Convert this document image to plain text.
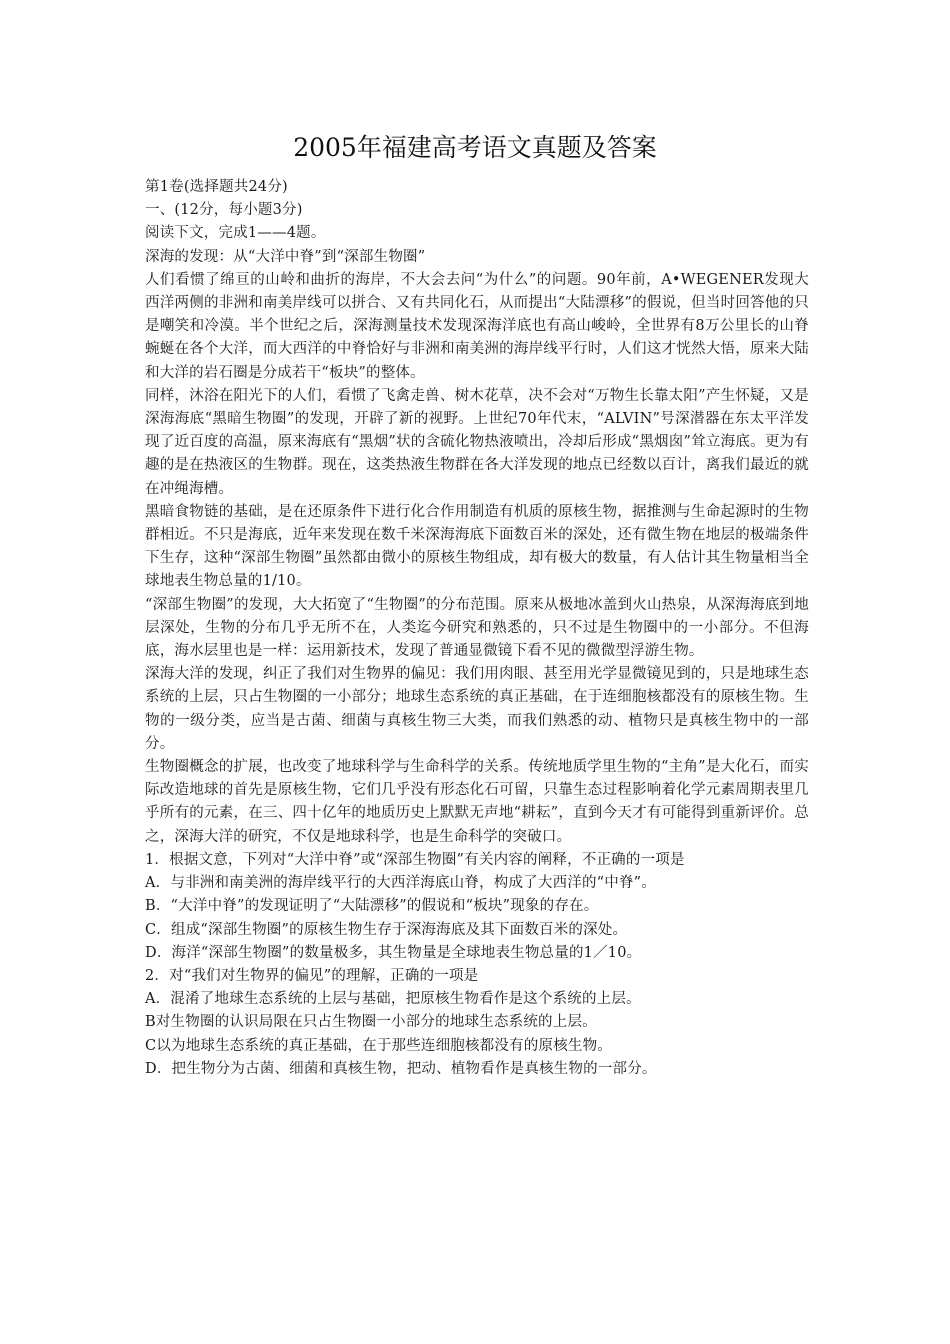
2005年福建高考语文真题及答案

第1卷(选择题共24分)

一、(12分，每小题3分)

阅读下文，完成1——4题。

深海的发现：从“大洋中脊”到“深部生物圈”

人们看惯了绵亘的山岭和曲折的海岸，不大会去问“为什么”的问题。90年前，A•WEGENER发现大西洋两侧的非洲和南美岸线可以拼合、又有共同化石，从而提出“大陆漂移”的假说，但当时回答他的只是嘲笑和冷漠。半个世纪之后，深海测量技术发现深海洋底也有高山峻岭，全世界有8万公里长的山脊蜿蜒在各个大洋，而大西洋的中脊恰好与非洲和南美洲的海岸线平行时，人们这才恍然大悟，原来大陆和大洋的岩石圈是分成若干“板块”的整体。

同样，沐浴在阳光下的人们，看惯了飞禽走兽、树木花草，决不会对“万物生长靠太阳”产生怀疑，又是深海海底“黑暗生物圈”的发现，开辟了新的视野。上世纪70年代末，“ALVIN”号深潜器在东太平洋发现了近百度的高温，原来海底有“黑烟”状的含硫化物热液喷出，冷却后形成“黑烟囱”耸立海底。更为有趣的是在热液区的生物群。现在，这类热液生物群在各大洋发现的地点已经数以百计，离我们最近的就在冲绳海槽。

黑暗食物链的基础，是在还原条件下进行化合作用制造有机质的原核生物，据推测与生命起源时的生物群相近。不只是海底，近年来发现在数千米深海海底下面数百米的深处，还有微生物在地层的极端条件下生存，这种“深部生物圈”虽然都由微小的原核生物组成，却有极大的数量，有人估计其生物量相当全球地表生物总量的1/10。

“深部生物圈”的发现，大大拓宽了“生物圈”的分布范围。原来从极地冰盖到火山热泉，从深海海底到地层深处，生物的分布几乎无所不在，人类迄今研究和熟悉的，只不过是生物圈中的一小部分。不但海底，海水层里也是一样：运用新技术，发现了普通显微镜下看不见的微微型浮游生物。

深海大洋的发现，纠正了我们对生物界的偏见：我们用肉眼、甚至用光学显微镜见到的，只是地球生态系统的上层，只占生物圈的一小部分；地球生态系统的真正基础，在于连细胞核都没有的原核生物。生物的一级分类，应当是古菌、细菌与真核生物三大类，而我们熟悉的动、植物只是真核生物中的一部分。

生物圈概念的扩展，也改变了地球科学与生命科学的关系。传统地质学里生物的“主角”是大化石，而实际改造地球的首先是原核生物，它们几乎没有形态化石可留，只靠生态过程影响着化学元素周期表里几乎所有的元素，在三、四十亿年的地质历史上默默无声地“耕耘”，直到今天才有可能得到重新评价。总之，深海大洋的研究，不仅是地球科学，也是生命科学的突破口。

1．根据文意，下列对“大洋中脊”或“深部生物圈”有关内容的阐释，不正确的一项是

A．与非洲和南美洲的海岸线平行的大西洋海底山脊，构成了大西洋的“中脊”。

B．“大洋中脊”的发现证明了“大陆漂移”的假说和“板块”现象的存在。

C．组成“深部生物圈”的原核生物生存于深海海底及其下面数百米的深处。

D．海洋“深部生物圈”的数量极多，其生物量是全球地表生物总量的1／10。

2．对“我们对生物界的偏见”的理解，正确的一项是

A．混淆了地球生态系统的上层与基础，把原核生物看作是这个系统的上层。

B对生物圈的认识局限在只占生物圈一小部分的地球生态系统的上层。

C以为地球生态系统的真正基础，在于那些连细胞核都没有的原核生物。

D．把生物分为古菌、细菌和真核生物，把动、植物看作是真核生物的一部分。
